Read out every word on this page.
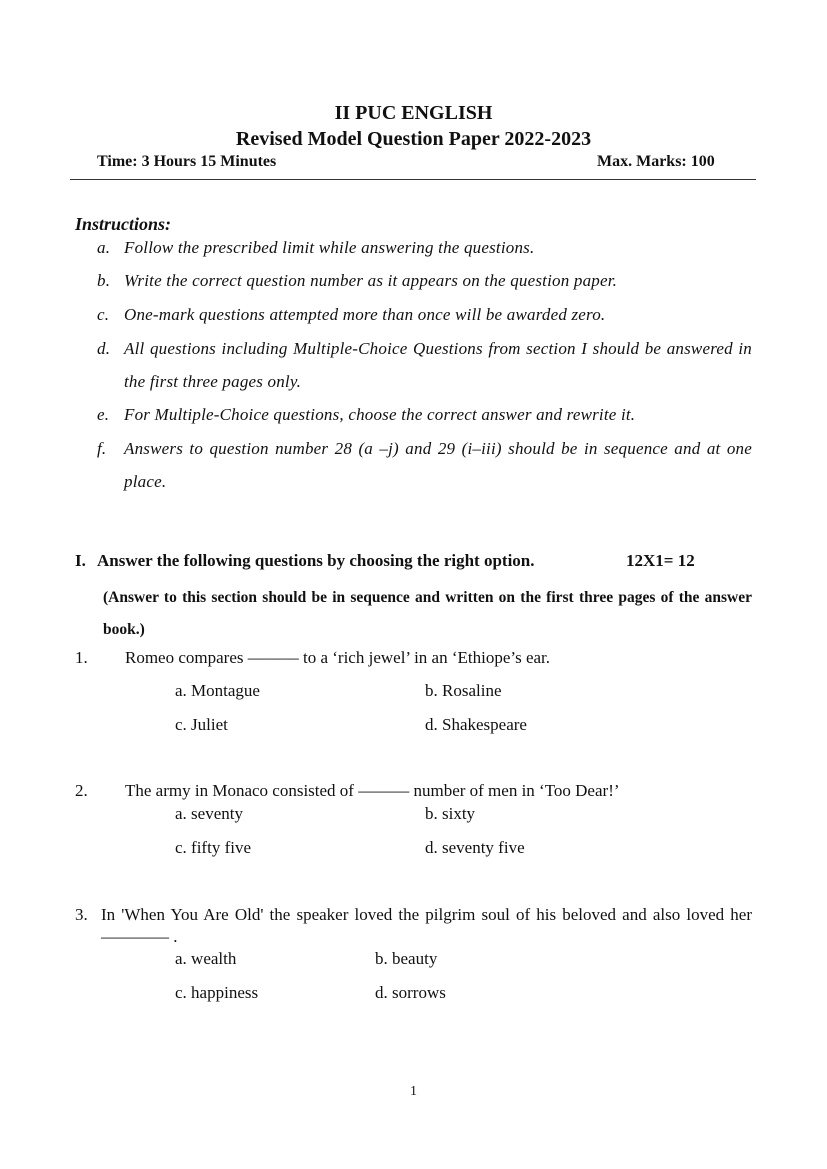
II PUC ENGLISH
Revised Model Question Paper 2022-2023
Time: 3 Hours 15 Minutes	Max. Marks: 100
Instructions:
a. Follow the prescribed limit while answering the questions.
b. Write the correct question number as it appears on the question paper.
c. One-mark questions attempted more than once will be awarded zero.
d. All questions including Multiple-Choice Questions from section I should be answered in the first three pages only.
e. For Multiple-Choice questions, choose the correct answer and rewrite it.
f. Answers to question number 28 (a –j) and 29 (i–iii) should be in sequence and at one place.
I. Answer the following questions by choosing the right option.	12X1= 12
(Answer to this section should be in sequence and written on the first three pages of the answer book.)
1. Romeo compares ——— to a ‘rich jewel’ in an ‘Ethiope’s ear.
a. Montague	b. Rosaline
c. Juliet	d. Shakespeare
2. The army in Monaco consisted of ——— number of men in ‘Too Dear!’
a. seventy	b. sixty
c. fifty five	d. seventy five
3. In 'When You Are Old' the speaker loved the pilgrim soul of his beloved and also loved her ———— .
a. wealth	b. beauty
c. happiness	d. sorrows
1
